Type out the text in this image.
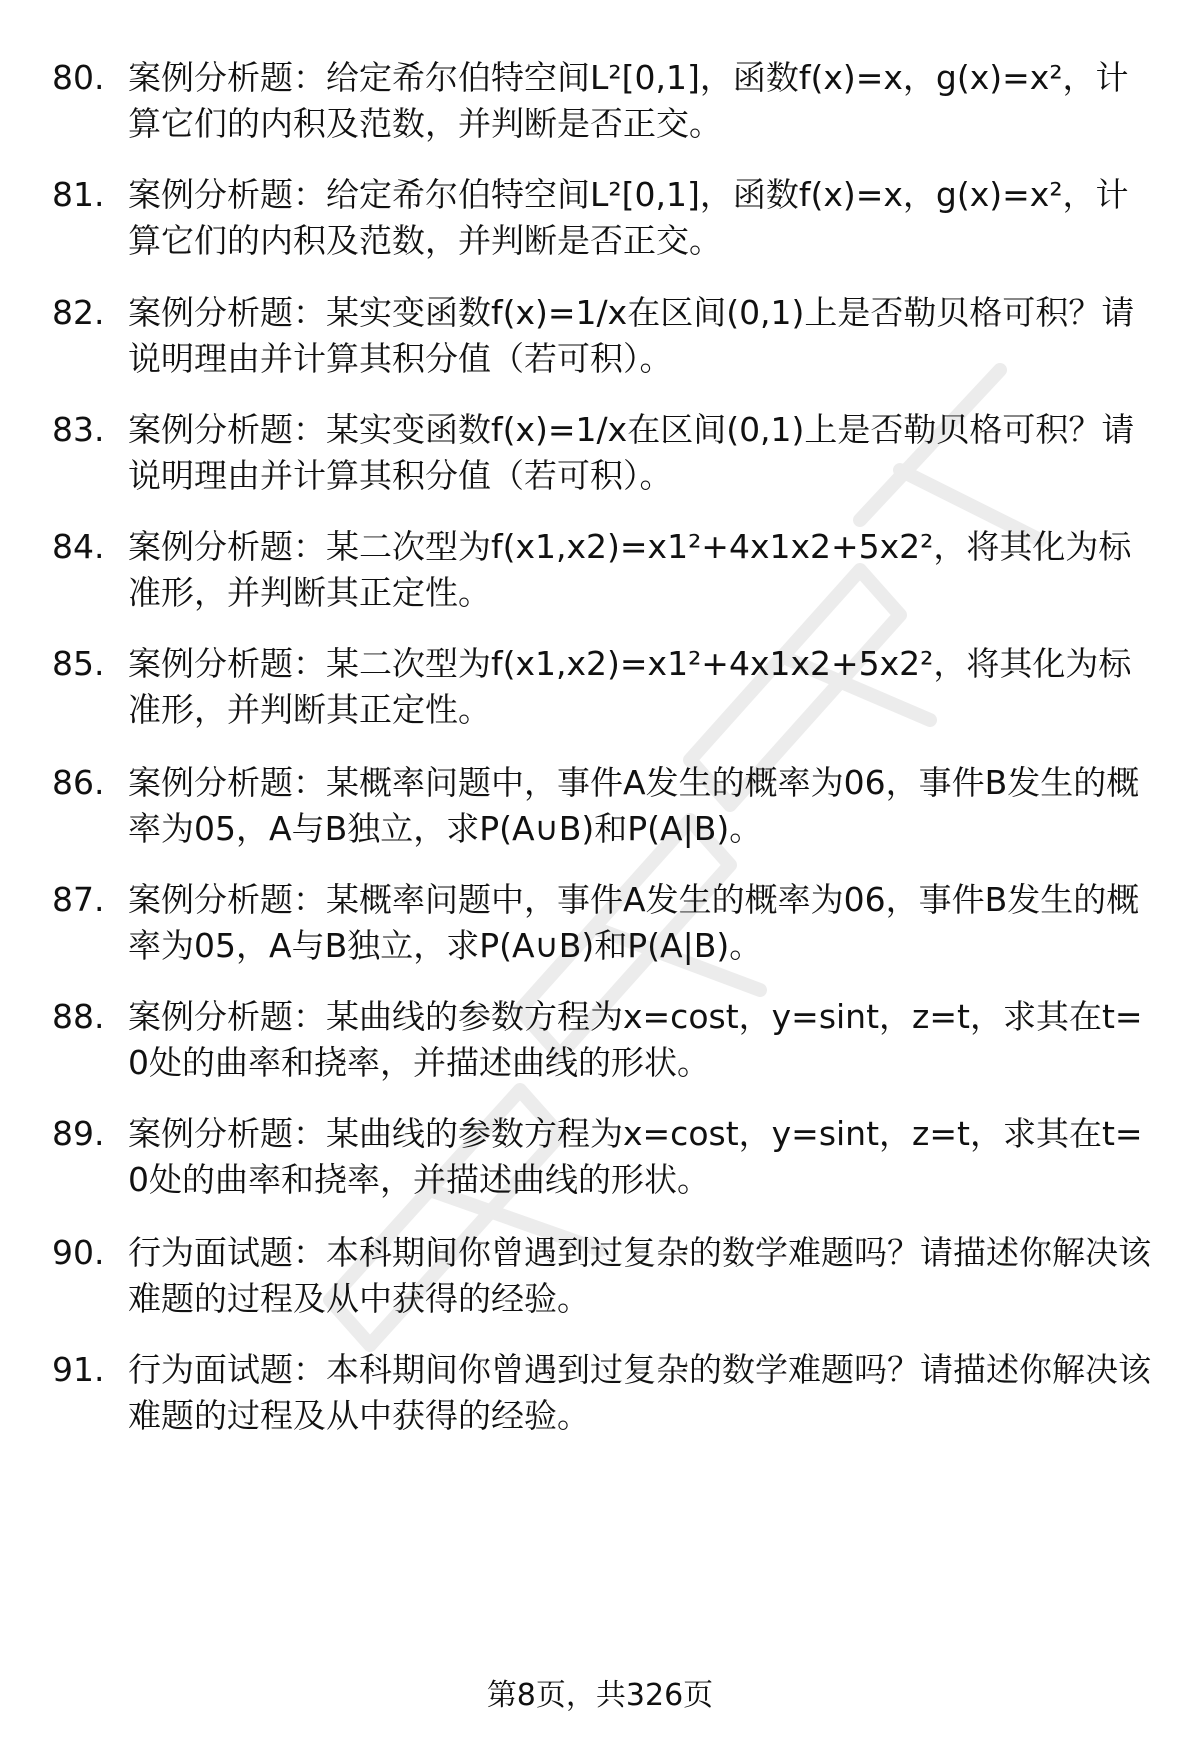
80. 案例分析题：给定希尔伯特空间L²[0,1]，函数f(x)=x，g(x)=x²，计算它们的内积及范数，并判断是否正交。
81. 案例分析题：给定希尔伯特空间L²[0,1]，函数f(x)=x，g(x)=x²，计算它们的内积及范数，并判断是否正交。
82. 案例分析题：某实变函数f(x)=1/x在区间(0,1)上是否勒贝格可积？请说明理由并计算其积分值（若可积）。
83. 案例分析题：某实变函数f(x)=1/x在区间(0,1)上是否勒贝格可积？请说明理由并计算其积分值（若可积）。
84. 案例分析题：某二次型为f(x1,x2)=x1²+4x1x2+5x2²，将其化为标准形，并判断其正定性。
85. 案例分析题：某二次型为f(x1,x2)=x1²+4x1x2+5x2²，将其化为标准形，并判断其正定性。
86. 案例分析题：某概率问题中，事件A发生的概率为06，事件B发生的概率为05，A与B独立，求P(A∪B)和P(A|B)。
87. 案例分析题：某概率问题中，事件A发生的概率为06，事件B发生的概率为05，A与B独立，求P(A∪B)和P(A|B)。
88. 案例分析题：某曲线的参数方程为x=cost，y=sint，z=t，求其在t=0处的曲率和挠率，并描述曲线的形状。
89. 案例分析题：某曲线的参数方程为x=cost，y=sint，z=t，求其在t=0处的曲率和挠率，并描述曲线的形状。
90. 行为面试题：本科期间你曾遇到过复杂的数学难题吗？请描述你解决该难题的过程及从中获得的经验。
91. 行为面试题：本科期间你曾遇到过复杂的数学难题吗？请描述你解决该难题的过程及从中获得的经验。
第8页，共326页
